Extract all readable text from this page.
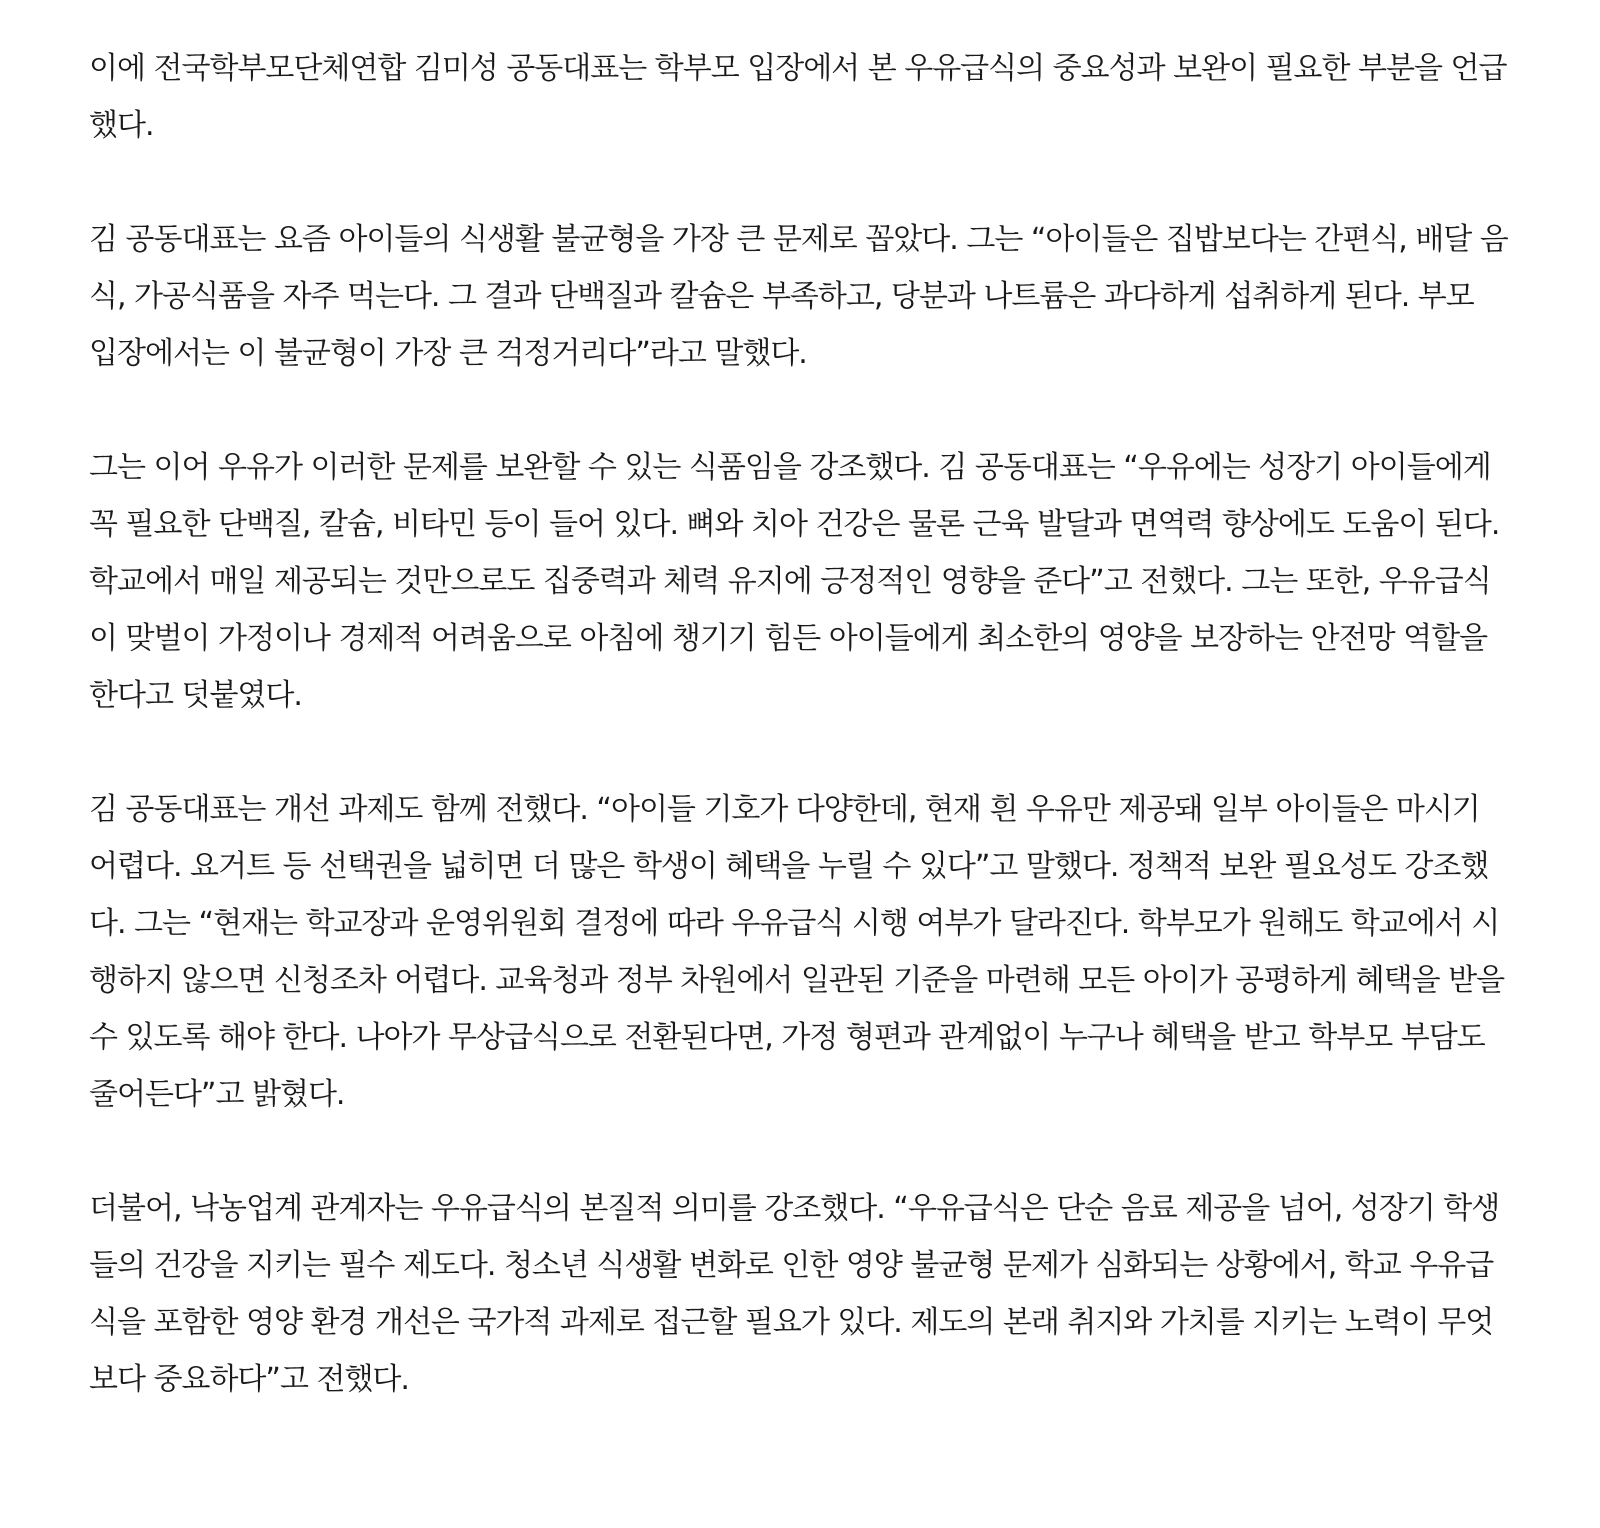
이에 전국학부모단체연합 김미성 공동대표는 학부모 입장에서 본 우유급식의 중요성과 보완이 필요한 부분을 언급했다.

김 공동대표는 요즘 아이들의 식생활 불균형을 가장 큰 문제로 꼽았다. 그는 “아이들은 집밥보다는 간편식, 배달 음식, 가공식품을 자주 먹는다. 그 결과 단백질과 칼슘은 부족하고, 당분과 나트륨은 과다하게 섭취하게 된다. 부모 입장에서는 이 불균형이 가장 큰 걱정거리다”라고 말했다.

그는 이어 우유가 이러한 문제를 보완할 수 있는 식품임을 강조했다. 김 공동대표는 “우유에는 성장기 아이들에게 꼭 필요한 단백질, 칼슘, 비타민 등이 들어 있다. 뼈와 치아 건강은 물론 근육 발달과 면역력 향상에도 도움이 된다. 학교에서 매일 제공되는 것만으로도 집중력과 체력 유지에 긍정적인 영향을 준다”고 전했다. 그는 또한, 우유급식이 맞벌이 가정이나 경제적 어려움으로 아침에 챙기기 힘든 아이들에게 최소한의 영양을 보장하는 안전망 역할을 한다고 덧붙였다.

김 공동대표는 개선 과제도 함께 전했다. “아이들 기호가 다양한데, 현재 흰 우유만 제공돼 일부 아이들은 마시기 어렵다. 요거트 등 선택권을 넓히면 더 많은 학생이 혜택을 누릴 수 있다”고 말했다. 정책적 보완 필요성도 강조했다. 그는 “현재는 학교장과 운영위원회 결정에 따라 우유급식 시행 여부가 달라진다. 학부모가 원해도 학교에서 시행하지 않으면 신청조차 어렵다. 교육청과 정부 차원에서 일관된 기준을 마련해 모든 아이가 공평하게 혜택을 받을 수 있도록 해야 한다. 나아가 무상급식으로 전환된다면, 가정 형편과 관계없이 누구나 혜택을 받고 학부모 부담도 줄어든다”고 밝혔다.

더불어, 낙농업계 관계자는 우유급식의 본질적 의미를 강조했다. “우유급식은 단순 음료 제공을 넘어, 성장기 학생들의 건강을 지키는 필수 제도다. 청소년 식생활 변화로 인한 영양 불균형 문제가 심화되는 상황에서, 학교 우유급식을 포함한 영양 환경 개선은 국가적 과제로 접근할 필요가 있다. 제도의 본래 취지와 가치를 지키는 노력이 무엇보다 중요하다”고 전했다.
